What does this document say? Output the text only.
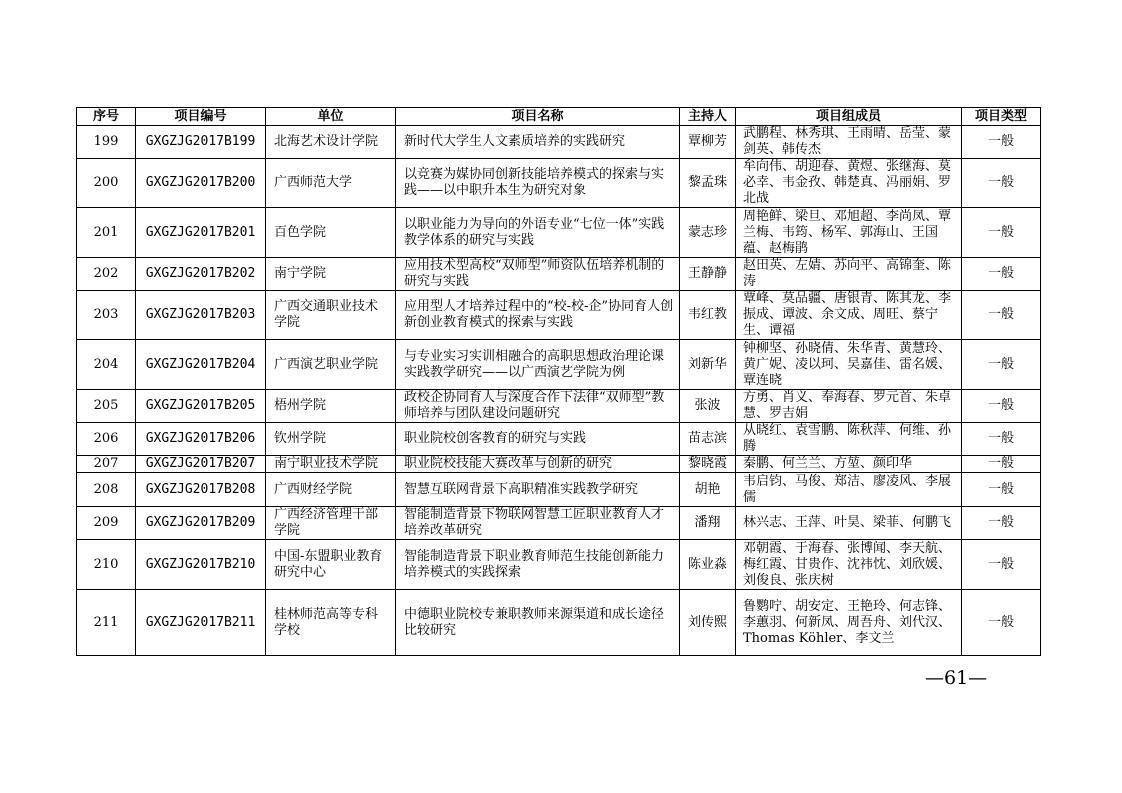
序号	项目编号	单位	项目名称	主持人	项目组成员	项目类型
199	GXGZJG2017B199	北海艺术设计学院	新时代大学生人文素质培养的实践研究	覃柳芳	武鹏程、林秀琪、王雨晴、岳莹、蒙剑英、韩传杰	一般
200	GXGZJG2017B200	广西师范大学	以竞赛为媒协同创新技能培养模式的探索与实践——以中职升本生为研究对象	黎孟珠	牟向伟、胡迎春、黄煜、张继海、莫必幸、韦金孜、韩楚真、冯丽娟、罗北战	一般
201	GXGZJG2017B201	百色学院	以职业能力为导向的外语专业“七位一体”实践教学体系的研究与实践	蒙志珍	周艳鲜、梁旦、邓旭超、李尚凤、覃兰梅、韦筠、杨军、郭海山、王国蕴、赵梅鹃	一般
202	GXGZJG2017B202	南宁学院	应用技术型高校“双师型”师资队伍培养机制的研究与实践	王静静	赵田英、左婧、苏向平、高锦奎、陈涛	一般
203	GXGZJG2017B203	广西交通职业技术学院	应用型人才培养过程中的“校-校-企”协同育人创新创业教育模式的探索与实践	韦红教	覃峰、莫品疆、唐银青、陈其龙、李振成、谭波、余文成、周旺、蔡宁生、谭福	一般
204	GXGZJG2017B204	广西演艺职业学院	与专业实习实训相融合的高职思想政治理论课实践教学研究——以广西演艺学院为例	刘新华	钟柳坚、孙晓倩、朱华青、黄慧玲、黄广妮、凌以珂、吴嘉佳、雷名媛、覃连晓	一般
205	GXGZJG2017B205	梧州学院	政校企协同育人与深度合作下法律“双师型”教师培养与团队建设问题研究	张波	方勇、肖义、奉海春、罗元首、朱卓慧、罗吉娟	一般
206	GXGZJG2017B206	钦州学院	职业院校创客教育的研究与实践	苗志滨	从晓红、袁雪鹏、陈秋萍、何维、孙腾	一般
207	GXGZJG2017B207	南宁职业技术学院	职业院校技能大赛改革与创新的研究	黎晓霞	秦鹏、何兰兰、方堃、颜印华	一般
208	GXGZJG2017B208	广西财经学院	智慧互联网背景下高职精准实践教学研究	胡艳	韦启钧、马俊、郑洁、廖凌风、李展儒	一般
209	GXGZJG2017B209	广西经济管理干部学院	智能制造背景下物联网智慧工匠职业教育人才培养改革研究	潘翔	林兴志、王萍、叶昊、梁菲、何鹏飞	一般
210	GXGZJG2017B210	中国-东盟职业教育研究中心	智能制造背景下职业教育师范生技能创新能力培养模式的实践探索	陈业淼	邓朝霞、于海春、张博闻、李天航、梅红霞、甘贵作、沈祎忱、刘欣媛、刘俊良、张庆树	一般
211	GXGZJG2017B211	桂林师范高等专科学校	中德职业院校专兼职教师来源渠道和成长途径比较研究	刘传熙	鲁鹦咛、胡安定、王艳玲、何志锋、李蕙羽、何新凤、周吾舟、刘代汉、Thomas Köhler、李文兰	一般
—61—
